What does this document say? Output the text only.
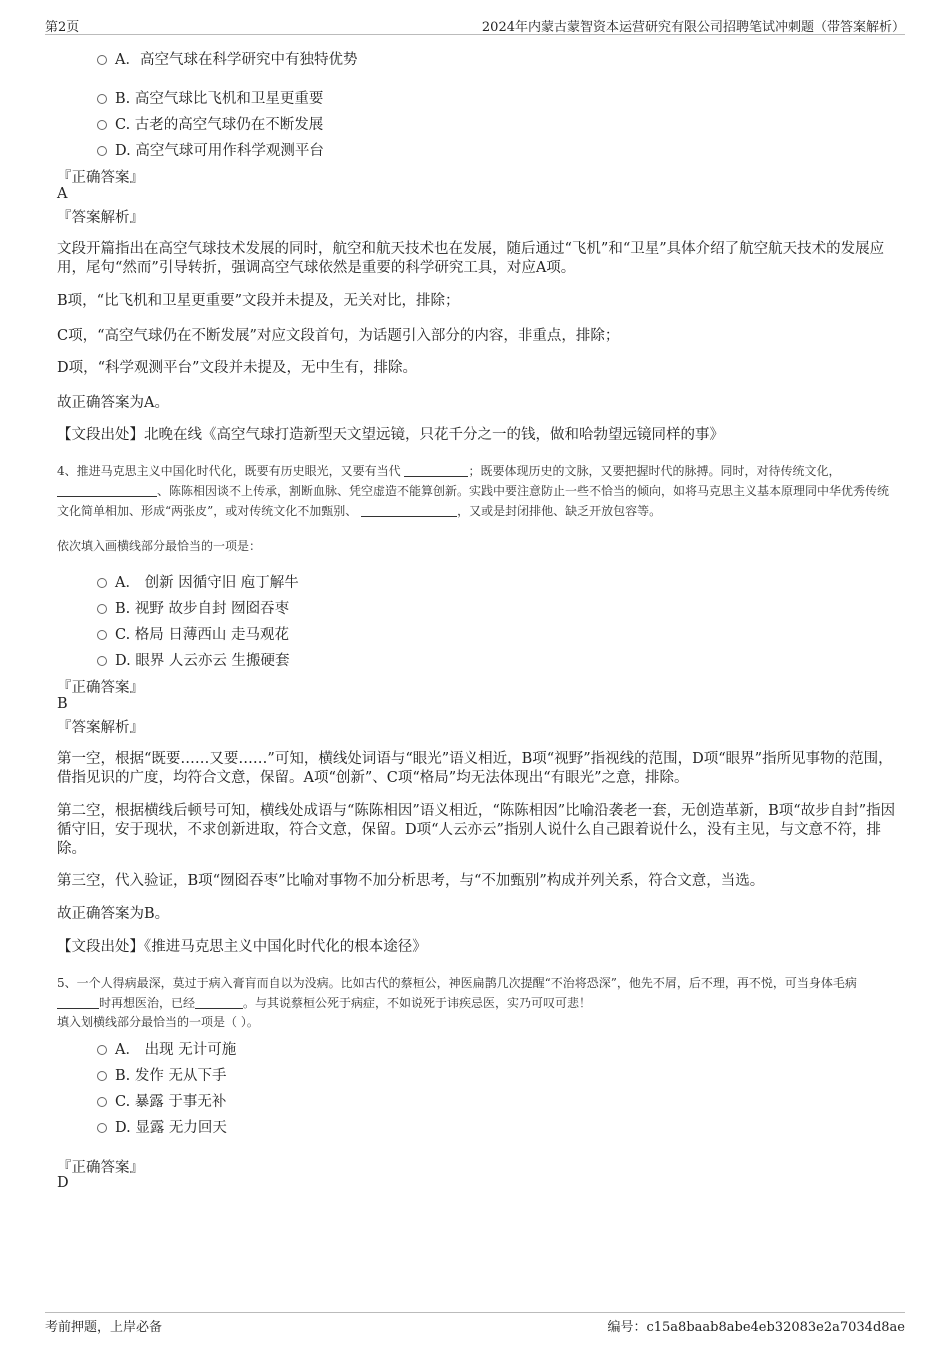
第2页	2024年内蒙古蒙智资本运营研究有限公司招聘笔试冲刺题（带答案解析）
A．高空气球在科学研究中有独特优势
B. 高空气球比飞机和卫星更重要
C. 古老的高空气球仍在不断发展
D. 高空气球可用作科学观测平台
『正确答案』
A
『答案解析』
文段开篇指出在高空气球技术发展的同时，航空和航天技术也在发展，随后通过“飞机”和“卫星”具体介绍了航空航天技术的发展应用，尾句“然而”引导转折，强调高空气球依然是重要的科学研究工具，对应A项。
B项，“比飞机和卫星更重要”文段并未提及，无关对比，排除；
C项，“高空气球仍在不断发展”对应文段首句，为话题引入部分的内容，非重点，排除；
D项，“科学观测平台”文段并未提及，无中生有，排除。
故正确答案为A。
【文段出处】北晚在线《高空气球打造新型天文望远镜，只花千分之一的钱，做和哈勃望远镜同样的事》
4、推进马克思主义中国化时代化，既要有历史眼光，又要有当代	；既要体现历史的文脉，又要把握时代的脉搏。同时，对待传统文化， 、陈陈相因谈不上传承，割断血脉、凭空虚造不能算创新。实践中要注意防止一些不恰当的倾向，如将马克思主义基本原理同中华优秀传统文化简单相加、形成“两张皮”，或对传统文化不加甄别、	，又或是封闭排他、缺乏开放包容等。
依次填入画横线部分最恰当的一项是：
A． 创新 因循守旧 庖丁解牛
B. 视野 故步自封 囫囵吞枣
C. 格局 日薄西山 走马观花
D. 眼界 人云亦云 生搬硬套
『正确答案』
B
『答案解析』
第一空，根据“既要……又要……”可知，横线处词语与“眼光”语义相近，B项“视野”指视线的范围，D项“眼界”指所见事物的范围，借指见识的广度，均符合文意，保留。A项“创新”、C项“格局”均无法体现出“有眼光”之意，排除。
第二空，根据横线后顿号可知，横线处成语与“陈陈相因”语义相近，“陈陈相因”比喻沿袭老一套，无创造革新，B项“故步自封”指因循守旧，安于现状，不求创新进取，符合文意，保留。D项“人云亦云”指别人说什么自己跟着说什么，没有主见，与文意不符，排除。
第三空，代入验证，B项“囫囵吞枣”比喻对事物不加分析思考，与“不加甄别”构成并列关系，符合文意，当选。
故正确答案为B。
【文段出处】《推进马克思主义中国化时代化的根本途径》
5、一个人得病最深，莫过于病入膏肓而自以为没病。比如古代的蔡桓公，神医扁鹊几次提醒“不治将恐深”，他先不屑，后不理，再不悦，可当身体毛病时再想医治，已经	。与其说蔡桓公死于病症，不如说死于讳疾忌医，实乃可叹可悲！
填入划横线部分最恰当的一项是（ ）。
A． 出现 无计可施
B. 发作 无从下手
C. 暴露 于事无补
D. 显露 无力回天
『正确答案』
D
考前押题，上岸必备	编号：c15a8baab8abe4eb32083e2a7034d8ae
